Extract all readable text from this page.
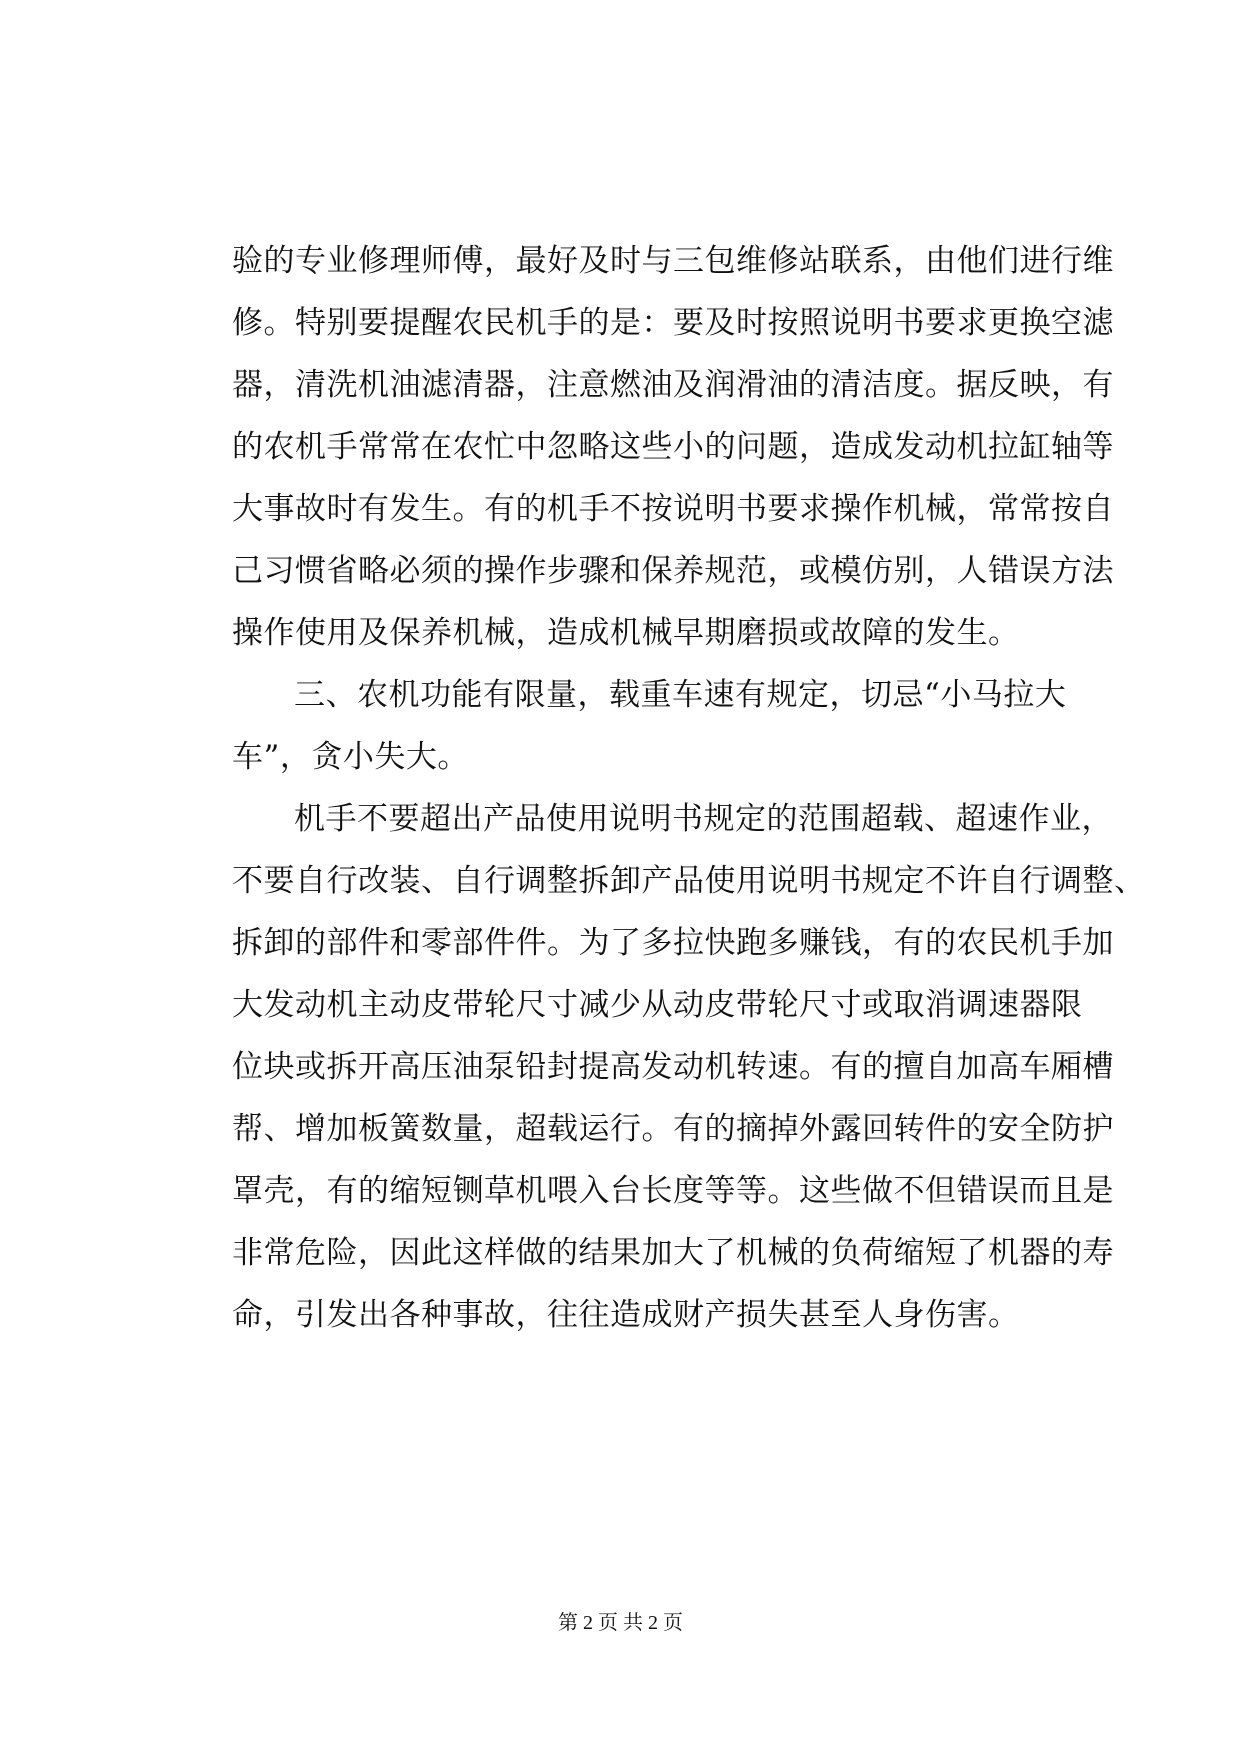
验的专业修理师傅，最好及时与三包维修站联系，由他们进行维
修。特别要提醒农民机手的是：要及时按照说明书要求更换空滤
器，清洗机油滤清器，注意燃油及润滑油的清洁度。据反映，有
的农机手常常在农忙中忽略这些小的问题，造成发动机拉缸轴等
大事故时有发生。有的机手不按说明书要求操作机械，常常按自
己习惯省略必须的操作步骤和保养规范，或模仿别，人错误方法
操作使用及保养机械，造成机械早期磨损或故障的发生。
三、农机功能有限量，载重车速有规定，切忌“小马拉大
车”，贪小失大。
机手不要超出产品使用说明书规定的范围超载、超速作业，
不要自行改装、自行调整拆卸产品使用说明书规定不许自行调整、
拆卸的部件和零部件件。为了多拉快跑多赚钱，有的农民机手加
大发动机主动皮带轮尺寸减少从动皮带轮尺寸或取消调速器限
位块或拆开高压油泵铅封提高发动机转速。有的擅自加高车厢槽
帮、增加板簧数量，超载运行。有的摘掉外露回转件的安全防护
罩壳，有的缩短铡草机喂入台长度等等。这些做不但错误而且是
非常危险，因此这样做的结果加大了机械的负荷缩短了机器的寿
命，引发出各种事故，往往造成财产损失甚至人身伤害。
第 2 页 共 2 页
